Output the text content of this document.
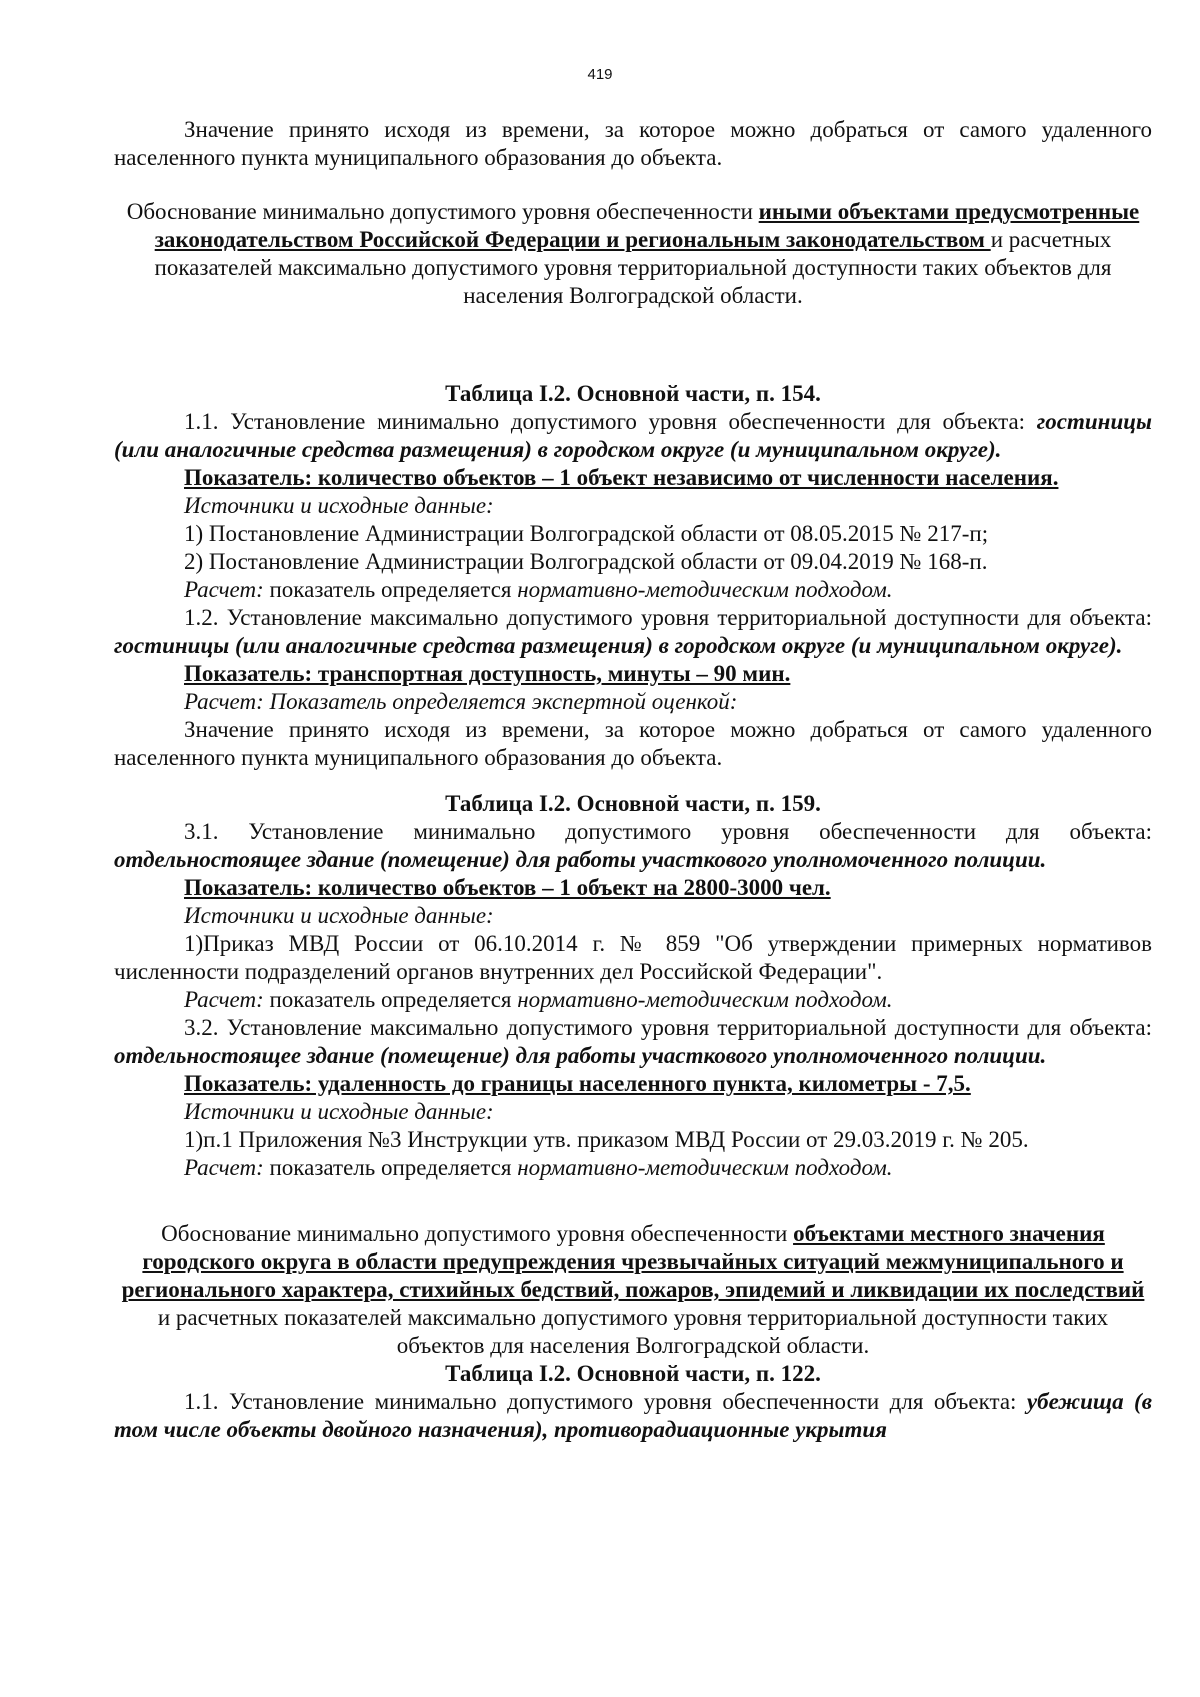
419

Значение принято исходя из времени, за которое можно добраться от самого удаленного населенного пункта муниципального образования до объекта.

Обоснование минимально допустимого уровня обеспеченности иными объектами предусмотренные законодательством Российской Федерации и региональным законодательством и расчетных показателей максимально допустимого уровня территориальной доступности таких объектов для населения Волгоградской области.

Таблица I.2. Основной части, п. 154.

1.1. Установление минимально допустимого уровня обеспеченности для объекта: гостиницы (или аналогичные средства размещения) в городском округе (и муниципальном округе).

Показатель: количество объектов – 1 объект независимо от численности населения.

Источники и исходные данные:

1) Постановление Администрации Волгоградской области от 08.05.2015 № 217-п;

2) Постановление Администрации Волгоградской области от 09.04.2019 № 168-п.

Расчет: показатель определяется нормативно-методическим подходом.

1.2. Установление максимально допустимого уровня территориальной доступности для объекта: гостиницы (или аналогичные средства размещения) в городском округе (и муниципальном округе).

Показатель: транспортная доступность, минуты – 90 мин.

Расчет: Показатель определяется экспертной оценкой:

Значение принято исходя из времени, за которое можно добраться от самого удаленного населенного пункта муниципального образования до объекта.

Таблица I.2. Основной части, п. 159.

3.1. Установление минимально допустимого уровня обеспеченности для объекта: отдельностоящее здание (помещение) для работы участкового уполномоченного полиции.

Показатель: количество объектов – 1 объект на 2800-3000 чел.

Источники и исходные данные:

1)Приказ МВД России от 06.10.2014 г. № 859 "Об утверждении примерных нормативов численности подразделений органов внутренних дел Российской Федерации".

Расчет: показатель определяется нормативно-методическим подходом.

3.2. Установление максимально допустимого уровня территориальной доступности для объекта: отдельностоящее здание (помещение) для работы участкового уполномоченного полиции.

Показатель: удаленность до границы населенного пункта, километры - 7,5.

Источники и исходные данные:

1)п.1 Приложения №3 Инструкции утв. приказом МВД России от 29.03.2019 г. № 205.

Расчет: показатель определяется нормативно-методическим подходом.

Обоснование минимально допустимого уровня обеспеченности объектами местного значения городского округа в области предупреждения чрезвычайных ситуаций межмуниципального и регионального характера, стихийных бедствий, пожаров, эпидемий и ликвидации их последствий и расчетных показателей максимально допустимого уровня территориальной доступности таких объектов для населения Волгоградской области.

Таблица I.2. Основной части, п. 122.

1.1. Установление минимально допустимого уровня обеспеченности для объекта: убежища (в том числе объекты двойного назначения), противорадиационные укрытия
